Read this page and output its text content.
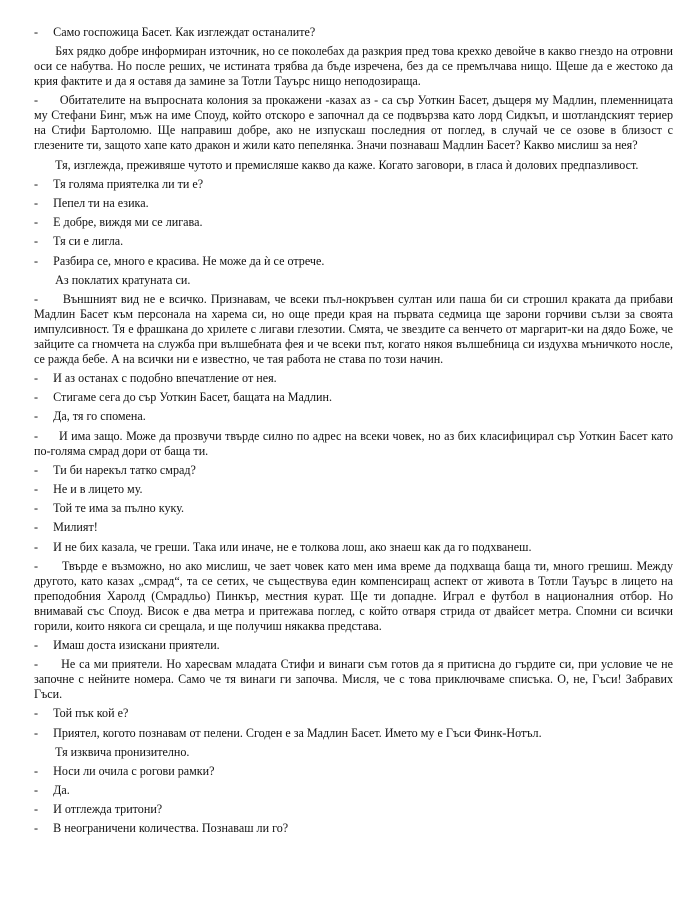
-     Само госпожица Басет. Как изглеждат останалите?

Бях рядко добре информиран източник, но се поколебах да разкрия пред това крехко девойче в какво гнездо на отровни оси се набутва. Но после реших, че истината трябва да бъде изречена, без да се премълчава нищо. Щеше да е жестоко да крия фактите и да я оставя да замине за Тотли Тауърс нищо неподозираща.

-      Обитателите на въпросната колония за прокажени -казах аз - са сър Уоткин Басет, дъщеря му Мадлин, племенницата му Стефани Бинг, мъж на име Споуд, който отскоро е започнал да се подвързва като лорд Сидкъп, и шотландският териер на Стифи Бартоломю. Ще направиш добре, ако не изпускаш последния от поглед, в случай че се озове в близост с глезените ти, защото хапе като дракон и жили като пепелянка. Значи познаваш Мадлин Басет? Какво мислиш за нея?

Тя, изглежда, преживяше чутото и премисляше какво да каже. Когато заговори, в гласа ѝ долових предпазливост.

-     Тя голяма приятелка ли ти е?

-     Пепел ти на езика.

-     Е добре, виждя ми се лигава.

-     Тя си е лигла.

-     Разбира се, много е красива. Не може да ѝ се отрече.

Аз поклатих кратуната си.

-      Външният вид не е всичко. Признавам, че всеки пъл-нокръвен султан или паша би си строшил краката да прибави Мадлин Басет към персонала на харема си, но още преди края на първата седмица ще зарони горчиви сълзи за своята импулсивност. Тя е фрашкана до хрилете с лигави глезотии. Смята, че звездите са венчето от маргарит-ки на дядо Боже, че зайците са гномчета на служба при вълшебната фея и че всеки път, когато някоя вълшебница си издухва мъничкото носле, се ражда бебе. А на всички ни е известно, че тая работа не става по този начин.

-     И аз останах с подобно впечатление от нея.

-     Стигаме сега до сър Уоткин Басет, бащата на Мадлин.

-     Да, тя го спомена.

-      И има защо. Може да прозвучи твърде силно по адрес на всеки човек, но аз бих класифицирал сър Уоткин Басет като по-голяма смрад дори от баща ти.

-     Ти би нарекъл татко смрад?

-     Не и в лицето му.

-     Той те има за пълно куку.

-     Милият!

-     И не бих казала, че греши. Така или иначе, не е толкова лош, ако знаеш как да го подхванеш.

-      Твърде е възможно, но ако мислиш, че зает човек като мен има време да подхваща баща ти, много грешиш. Между другото, като казах „смрад“, та се сетих, че съществува един компенсиращ аспект от живота в Тотли Тауърс в лицето на преподобния Харолд (Смрадльо) Пинкър, местния курат. Ще ти допадне. Играл е футбол в националния отбор. Но внимавай със Споуд. Висок е два метра и притежава поглед, с който отваря стрида от двайсет метра. Спомни си всички горили, които някога си срещала, и ще получиш някаква представа.

-     Имаш доста изискани приятели.

-      Не са ми приятели. Но харесвам младата Стифи и винаги съм готов да я притисна до гърдите си, при условие че не започне с нейните номера. Само че тя винаги ги започва. Мисля, че с това приключваме списъка. О, не, Гъси! Забравих Гъси.

-     Той пък кой е?

-     Приятел, когото познавам от пелени. Сгоден е за Мадлин Басет. Името му е Гъси Финк-Нотъл.

Тя изквича пронизително.

-     Носи ли очила с рогови рамки?

-     Да.

-     И отглежда тритони?

-     В неограничени количества. Познаваш ли го?
